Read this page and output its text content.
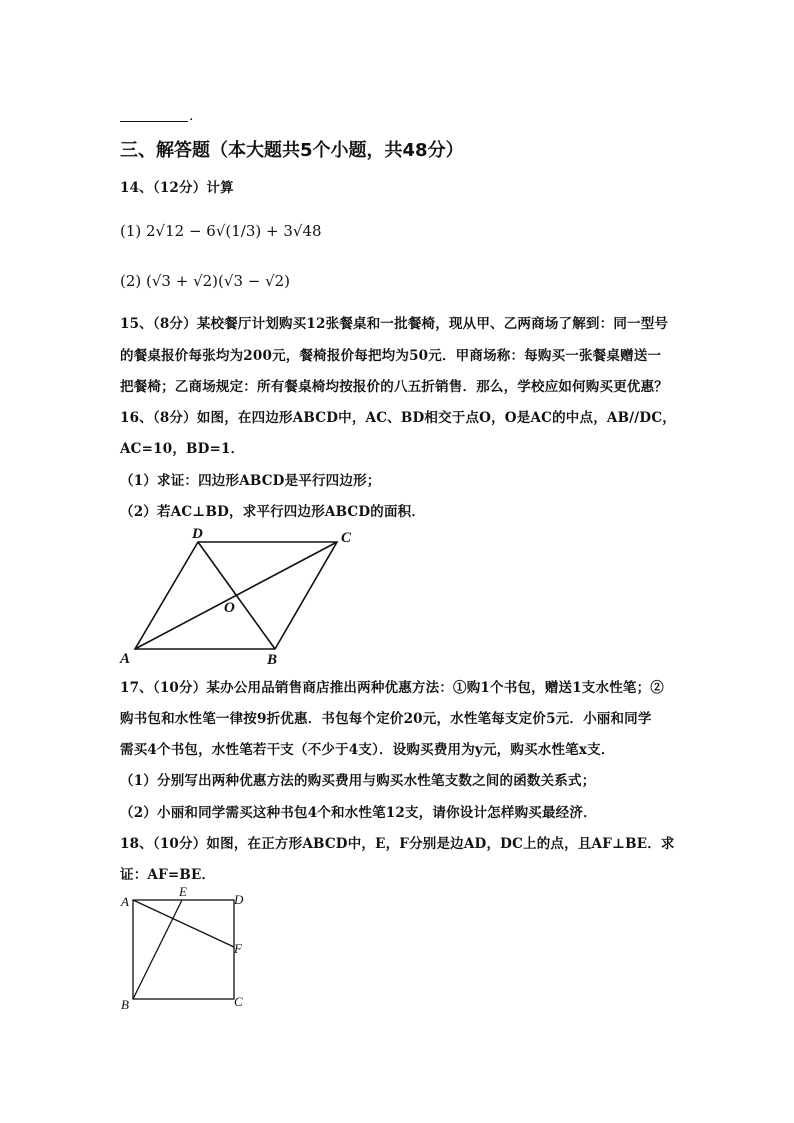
.
三、解答题（本大题共5个小题，共48分）
14、（12分）计算
(1) 2√12 − 6√(1/3) + 3√48
(2) (√3 + √2)(√3 − √2)
15、（8分）某校餐厅计划购买12张餐桌和一批餐椅，现从甲、乙两商场了解到：同一型号
的餐桌报价每张均为200元，餐椅报价每把均为50元．甲商场称：每购买一张餐桌赠送一
把餐椅；乙商场规定：所有餐桌椅均按报价的八五折销售．那么，学校应如何购买更优惠？
16、（8分）如图，在四边形ABCD中，AC、BD相交于点O，O是AC的中点，AB//DC，
AC=10，BD=1．
（1）求证：四边形ABCD是平行四边形；
（2）若AC⊥BD，求平行四边形ABCD的面积．
A	B
C
D
O
17、（10分）某办公用品销售商店推出两种优惠方法：①购1个书包，赠送1支水性笔；②
购书包和水性笔一律按9折优惠．书包每个定价20元，水性笔每支定价5元．小丽和同学
需买4个书包，水性笔若干支（不少于4支）．设购买费用为y元，购买水性笔x支．
（1）分别写出两种优惠方法的购买费用与购买水性笔支数之间的函数关系式；
（2）小丽和同学需买这种书包4个和水性笔12支，请你设计怎样购买最经济．
18、（10分）如图，在正方形ABCD中，E，F分别是边AD，DC上的点，且AF⊥BE．求
证：AF=BE．
A
B	C
D
E
F
